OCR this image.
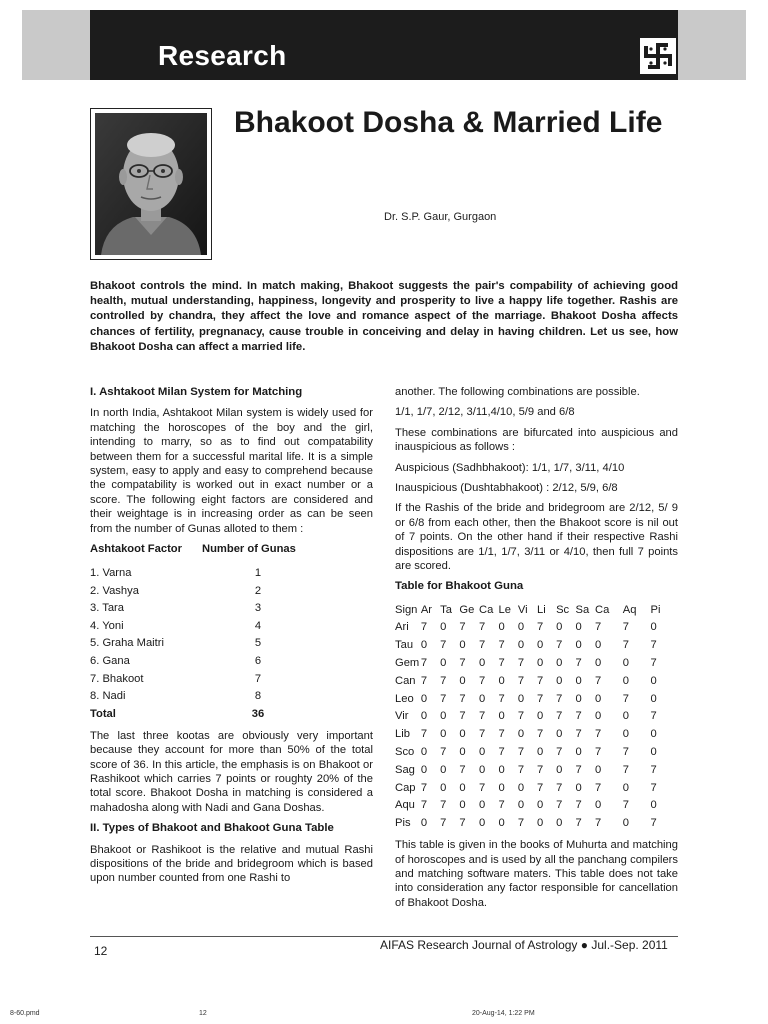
Research
Bhakoot Dosha & Married Life
Dr. S.P. Gaur, Gurgaon
Bhakoot controls the mind. In match making, Bhakoot suggests the pair's compability of achieving good health, mutual understanding, happiness, longevity and prosperity to live a happy life together. Rashis are controlled by chandra, they affect the love and romance aspect of the marriage. Bhakoot Dosha affects chances of fertility, pregnanacy, cause trouble in conceiving and delay in having children. Let us see, how Bhakoot Dosha can affect a married life.
I. Ashtakoot Milan System for Matching

In north India, Ashtakoot Milan system is widely used for matching the horoscopes of the boy and the girl, intending to marry, so as to find out compatability between them for a successful marital life. It is a simple system, easy to apply and easy to comprehend because the compatability is worked out in exact number or a score. The following eight factors are considered and their weightage is in increasing order as can be seen from the number of Gunas alloted to them :

Ashtakoot Factor	Number of Gunas
1. Varna	1
2. Vashya	2
3. Tara	3
4. Yoni	4
5. Graha Maitri	5
6. Gana	6
7. Bhakoot	7
8. Nadi	8
Total	36

The last three kootas are obviously very important because they account for more than 50% of the total score of 36. In this article, the emphasis is on Bhakoot or Rashikoot which carries 7 points or roughty 20% of the total score. Bhakoot Dosha in matching is considered a mahadosha along with Nadi and Gana Doshas.

II. Types of Bhakoot and Bhakoot Guna Table

Bhakoot or Rashikoot is the relative and mutual Rashi dispositions of the bride and bridegroom which is based upon number counted from one Rashi to

another. The following combinations are possible.

1/1, 1/7, 2/12, 3/11,4/10, 5/9 and 6/8

These combinations are bifurcated into auspicious and inauspicious as follows :

Auspicious (Sadhbhakoot): 1/1, 1/7, 3/11, 4/10

Inauspicious (Dushtabhakoot) : 2/12, 5/9, 6/8

If the Rashis of the bride and bridegroom are 2/12, 5/ 9 or 6/8 from each other, then the Bhakoot score is nil out of 7 points. On the other hand if their respective Rashi dispositions are 1/1, 1/7, 3/11 or 4/10, then full 7 points are scored.

Table for Bhakoot Guna
Sign	Ar	Ta	Ge	Ca	Le	Vi	Li	Sc	Sa	Ca	Aq	Pi
Ari	7	0	7	7	0	0	7	0	0	7	7	0
Tau	0	7	0	7	7	0	0	7	0	0	7	7
Gem	7	0	7	0	7	7	0	0	7	0	0	7
Can	7	7	0	7	0	7	7	0	0	7	0	0
Leo	0	7	7	0	7	0	7	7	0	0	7	0
Vir	0	0	7	7	0	7	0	7	7	0	0	7
Lib	7	0	0	7	7	0	7	0	7	7	0	0
Sco	0	7	0	0	7	7	0	7	0	7	7	0
Sag	0	0	7	0	0	7	7	0	7	0	7	7
Cap	7	0	0	7	0	0	7	7	0	7	0	7
Aqu	7	7	0	0	7	0	0	7	7	0	7	0
Pis	0	7	7	0	0	7	0	0	7	7	0	7

This table is given in the books of Muhurta and matching of horoscopes and is used by all the panchang compilers and matching software maters. This table does not take into consideration any factor responsible for cancellation of Bhakoot Dosha.

12	AIFAS Research Journal of Astrology ● Jul.-Sep. 2011
8-60.pmd	12	20-Aug-14, 1:22 PM
